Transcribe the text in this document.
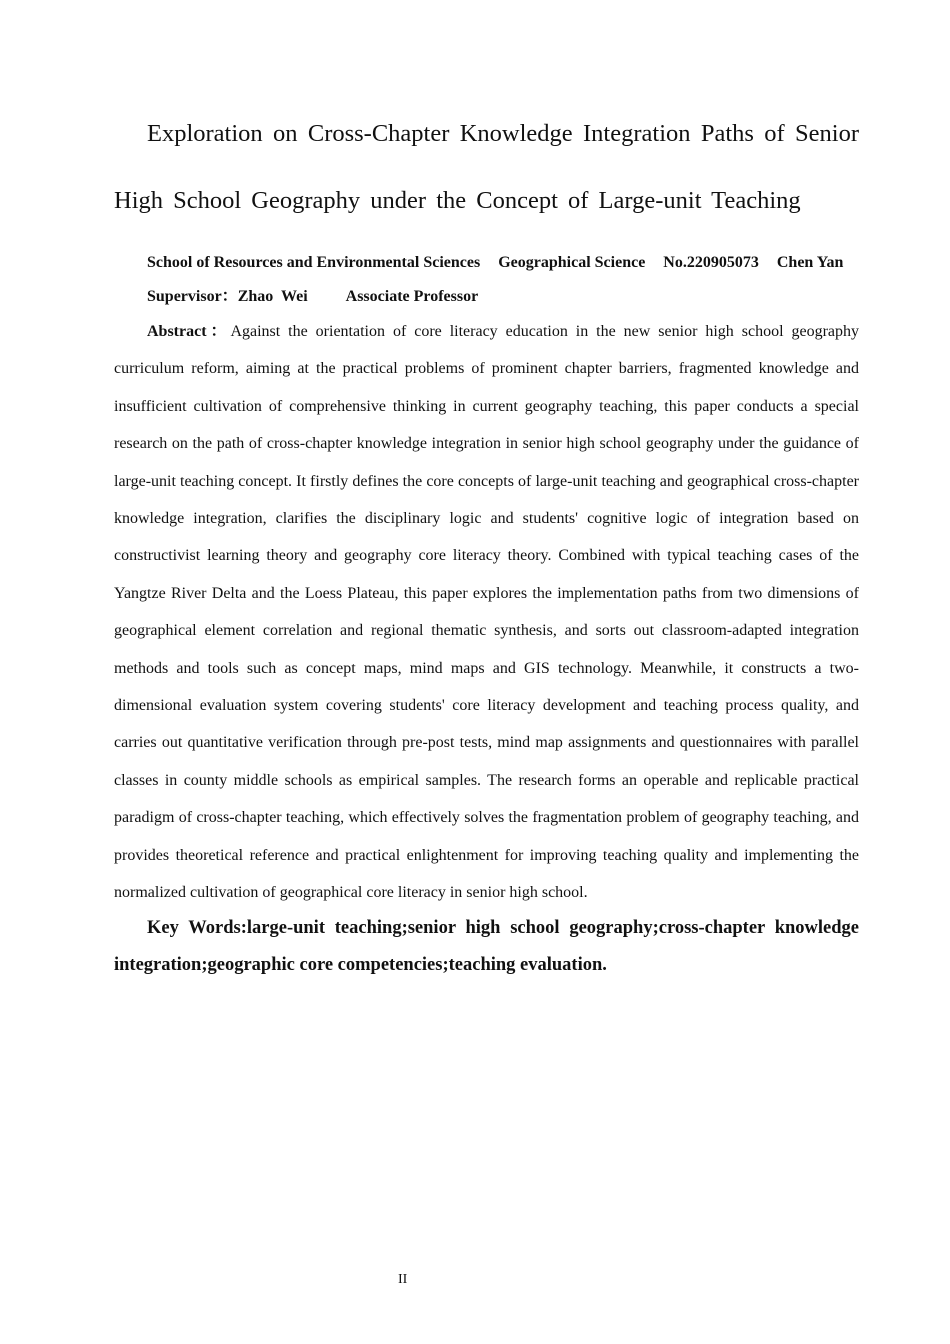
Exploration on Cross-Chapter Knowledge Integration Paths of Senior

High School Geography under the Concept of Large-unit Teaching

School of Resources and Environmental Sciences Geographical Science No.220905073 Chen Yan

Supervisor：Zhao  Wei Associate Professor

Abstract：Against the orientation of core literacy education in the new senior high school geography curriculum reform, aiming at the practical problems of prominent chapter barriers, fragmented knowledge and insufficient cultivation of comprehensive thinking in current geography teaching, this paper conducts a special research on the path of cross-chapter knowledge integration in senior high school geography under the guidance of large-unit teaching concept. It firstly defines the core concepts of large-unit teaching and geographical cross-chapter knowledge integration, clarifies the disciplinary logic and students' cognitive logic of integration based on constructivist learning theory and geography core literacy theory. Combined with typical teaching cases of the Yangtze River Delta and the Loess Plateau, this paper explores the implementation paths from two dimensions of geographical element correlation and regional thematic synthesis, and sorts out classroom-adapted integration methods and tools such as concept maps, mind maps and GIS technology. Meanwhile, it constructs a two-dimensional evaluation system covering students' core literacy development and teaching process quality, and carries out quantitative verification through pre-post tests, mind map assignments and questionnaires with parallel classes in county middle schools as empirical samples. The research forms an operable and replicable practical paradigm of cross-chapter teaching, which effectively solves the fragmentation problem of geography teaching, and provides theoretical reference and practical enlightenment for improving teaching quality and implementing the normalized cultivation of geographical core literacy in senior high school.

Key Words:large-unit teaching;senior high school geography;cross-chapter knowledge integration;geographic core competencies;teaching evaluation.

II
